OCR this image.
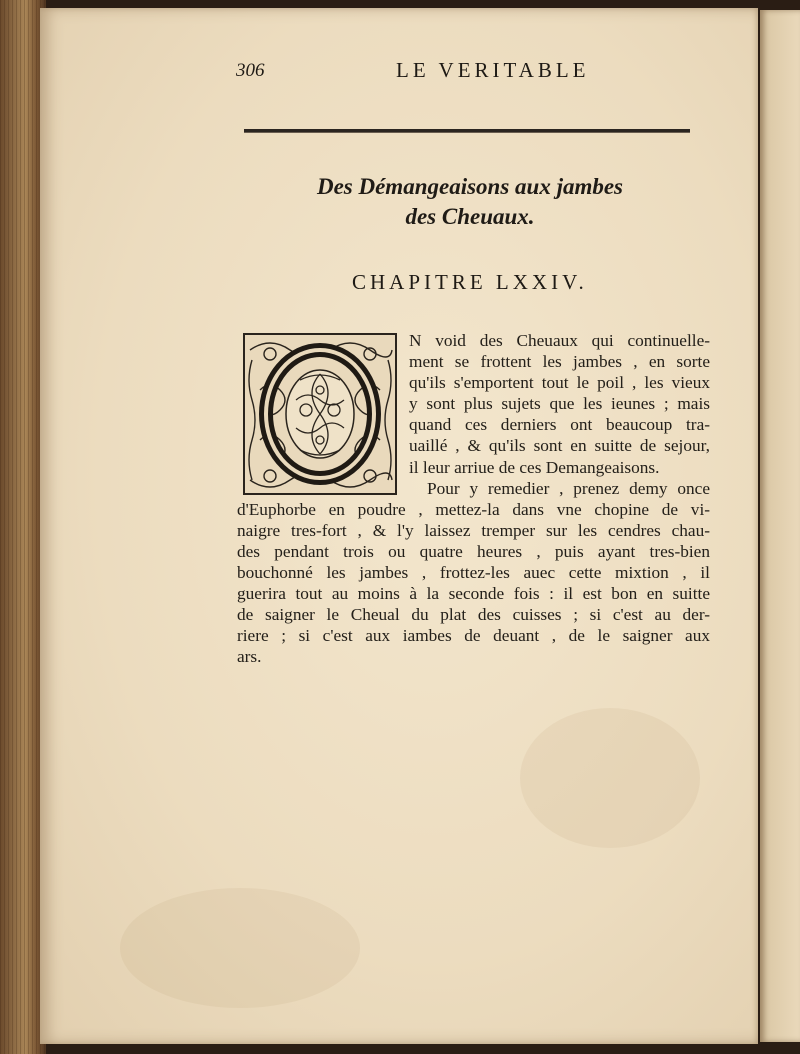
306	LE VERITABLE
Des Démangeaisons aux jambes
des Cheuaux.
CHAPITRE LXXIV.
N void des Cheuaux qui continuelle-
ment se frottent les jambes , en sorte
qu'ils s'emportent tout le poil , les vieux
y sont plus sujets que les ieunes ; mais
quand ces derniers ont beaucoup tra-
uaillé , & qu'ils sont en suitte de sejour,
il leur arriue de ces Demangeaisons.
Pour y remedier , prenez demy once
d'Euphorbe en poudre , mettez-la dans vne chopine de vi-
naigre tres-fort , & l'y laissez tremper sur les cendres chau-
des pendant trois ou quatre heures , puis ayant tres-bien
bouchonné les jambes , frottez-les auec cette mixtion , il
guerira tout au moins à la seconde fois : il est bon en suitte
de saigner le Cheual du plat des cuisses ; si c'est au der-
riere ; si c'est aux iambes de deuant , de le saigner aux
ars.
